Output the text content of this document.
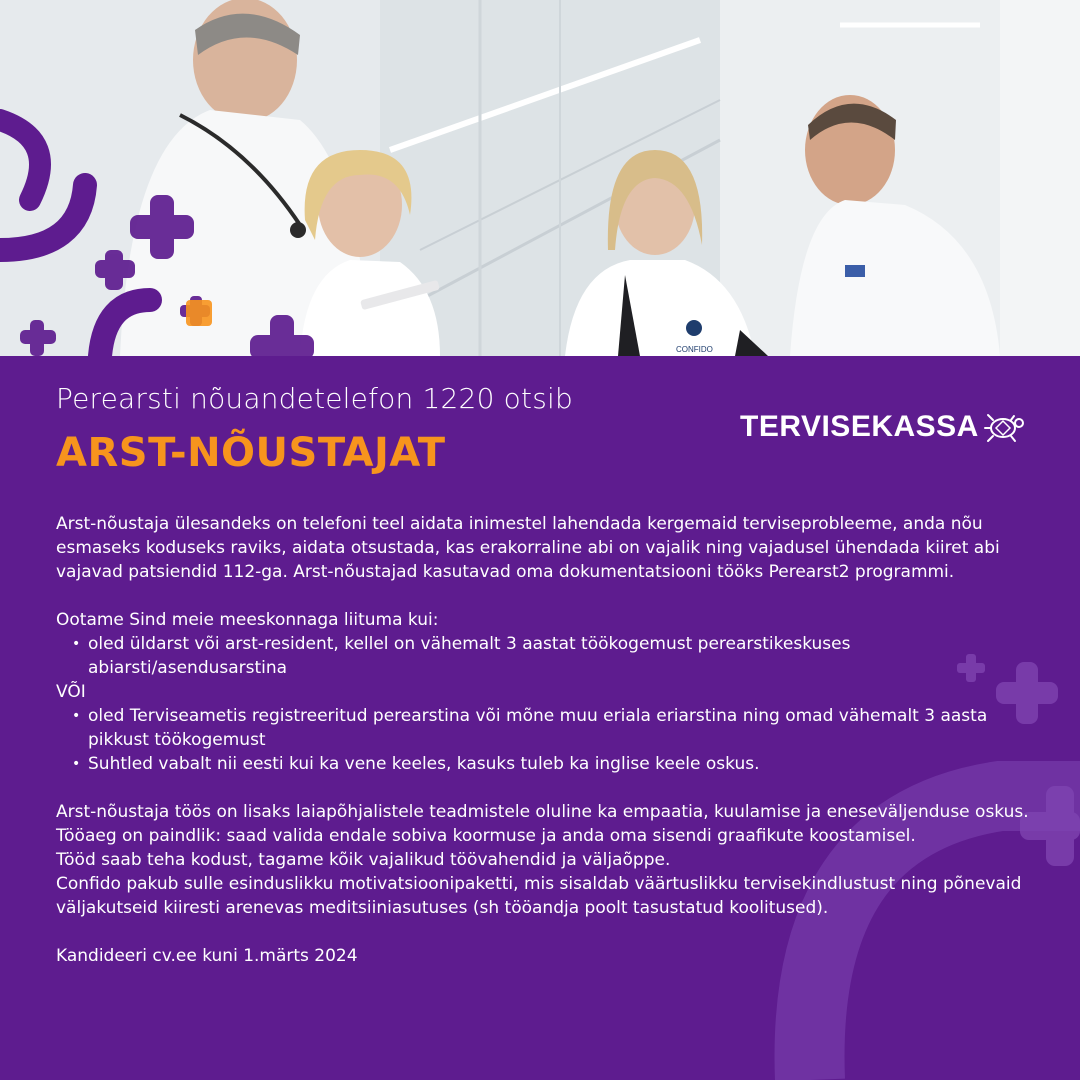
CONFIDO
Perearsti nõuandetelefon 1220 otsib
ARST-NÕUSTAJAT
TERVISEKASSA

Arst-nõustaja ülesandeks on telefoni teel aidata inimestel lahendada kergemaid terviseprobleeme, anda nõu esmaseks koduseks raviks, aidata otsustada, kas erakorraline abi on vajalik ning vajadusel ühendada kiiret abi vajavad patsiendid 112-ga. Arst-nõustajad kasutavad oma dokumentatsiooni tööks Perearst2 programmi.

Ootame Sind meie meeskonnaga liituma kui:

• oled üldarst või arst-resident, kellel on vähemalt 3 aastat töökogemust perearstikeskuses abiarsti/asendusarstina

VÕI

• oled Terviseametis registreeritud perearstina või mõne muu eriala eriarstina ning omad vähemalt 3 aasta pikkust töökogemust
• Suhtled vabalt nii eesti kui ka vene keeles, kasuks tuleb ka inglise keele oskus.

Arst-nõustaja töös on lisaks laiapõhjalistele teadmistele oluline ka empaatia, kuulamise ja eneseväljenduse oskus.

Tööaeg on paindlik: saad valida endale sobiva koormuse ja anda oma sisendi graafikute koostamisel.

Tööd saab teha kodust, tagame kõik vajalikud töövahendid ja väljaõppe.

Confido pakub sulle esinduslikku motivatsioonipaketti, mis sisaldab väärtuslikku tervisekindlustust ning põnevaid väljakutseid kiiresti arenevas meditsiiniasutuses (sh tööandja poolt tasustatud koolitused).

Kandideeri cv.ee kuni 1.märts 2024
